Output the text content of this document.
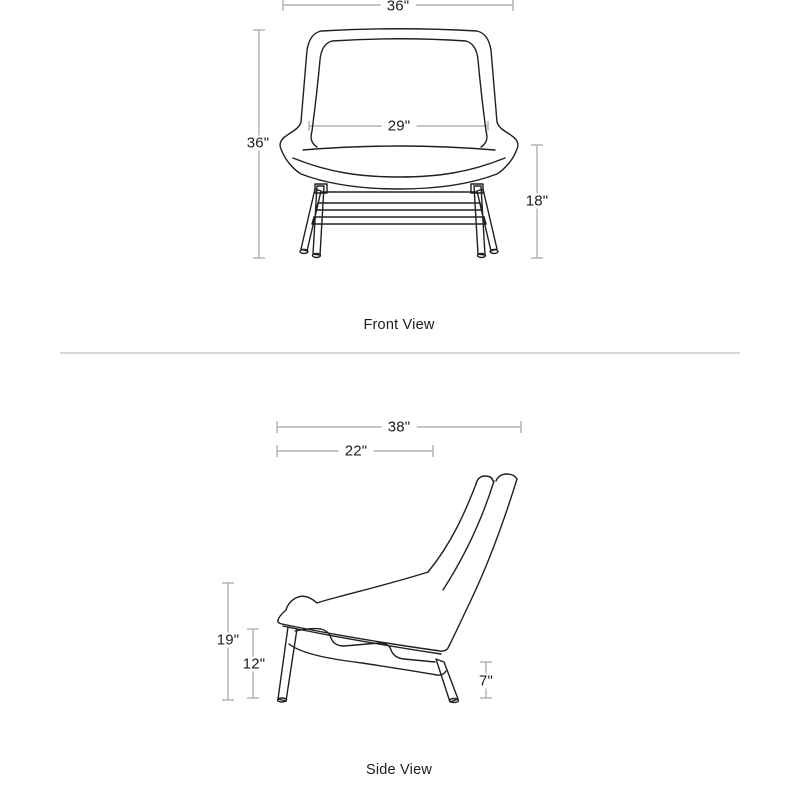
36"
36"
29"
18"
Front View
38"
22"
19"
12"
7"
Side View
